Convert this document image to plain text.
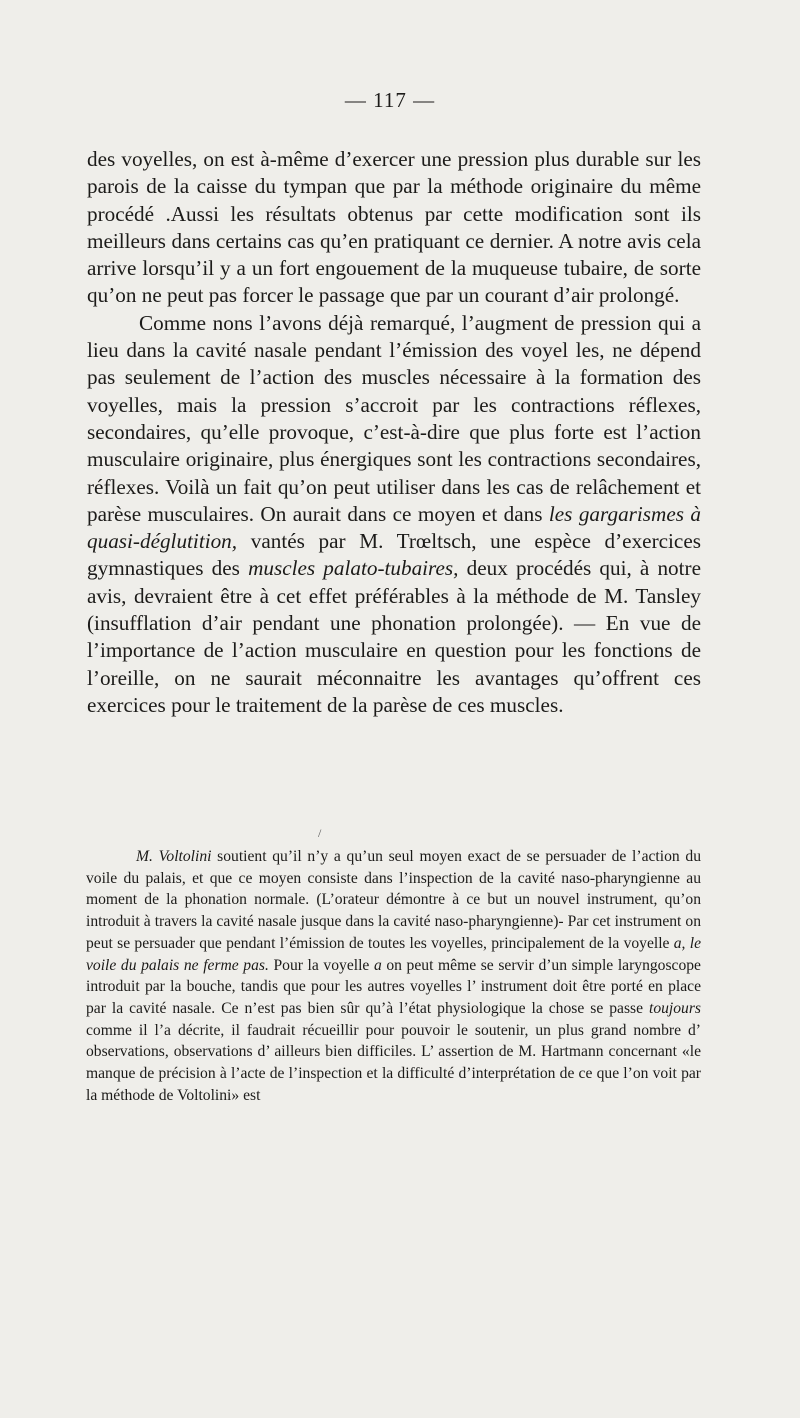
— 117 —

des voyelles, on est à-même d’exercer une pression plus durable sur les parois de la caisse du tympan que par la méthode originaire du même procédé .Aussi les résultats obtenus par cette modification sont ils meilleurs dans certains cas qu’en pratiquant ce dernier. A notre avis cela arrive lorsqu’il y a un fort engouement de la muqueuse tubaire, de sorte qu’on ne peut pas forcer le passage que par un courant d’air prolongé.

Comme nons l’avons déjà remarqué, l’augment de pression qui a lieu dans la cavité nasale pendant l’émission des voyel les, ne dépend pas seulement de l’action des muscles nécessaire à la formation des voyelles, mais la pression s’accroit par les contractions réflexes, secondaires, qu’elle provoque, c’est-à-dire que plus forte est l’action musculaire originaire, plus énergiques sont les contractions secondaires, réflexes. Voilà un fait qu’on peut utiliser dans les cas de relâchement et parèse musculaires. On aurait dans ce moyen et dans les gargarismes à quasi-déglutition, vantés par M. Trœltsch, une espèce d’exercices gymnastiques des muscles palato-tubaires, deux procédés qui, à notre avis, devraient être à cet effet préférables à la méthode de M. Tansley (insufflation d’air pendant une phonation prolongée). — En vue de l’importance de l’action musculaire en question pour les fonctions de l’oreille, on ne saurait méconnaitre les avantages qu’offrent ces exercices pour le traitement de la parèse de ces muscles.

/

M. Voltolini soutient qu’il n’y a qu’un seul moyen exact de se persuader de l’action du voile du palais, et que ce moyen consiste dans l’inspection de la cavité naso-pharyngienne au moment de la phonation normale. (L’orateur démontre à ce but un nouvel instrument, qu’on introduit à travers la cavité nasale jusque dans la cavité naso-pharyngienne)- Par cet instrument on peut se persuader que pendant l’émission de toutes les voyelles, principalement de la voyelle a, le voile du palais ne ferme pas. Pour la voyelle a on peut même se servir d’un simple laryngoscope introduit par la bouche, tandis que pour les autres voyelles l’ instrument doit être porté en place par la cavité nasale. Ce n’est pas bien sûr qu’à l’état physiologique la chose se passe toujours comme il l’a décrite, il faudrait récueillir pour pouvoir le soutenir, un plus grand nombre d’ observations, observations d’ ailleurs bien difficiles. L’ assertion de M. Hartmann concernant «le manque de précision à l’acte de l’inspection et la difficulté d’interprétation de ce que l’on voit par la méthode de Voltolini» est
